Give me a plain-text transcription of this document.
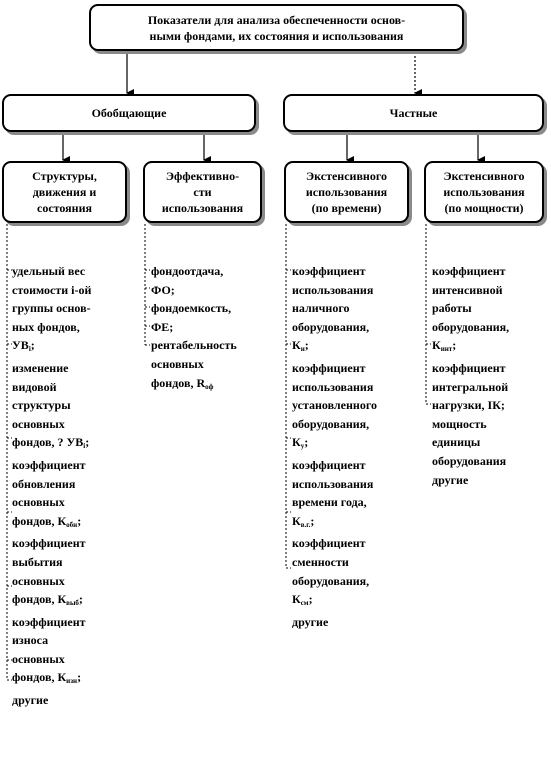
Показатели для анализа обеспеченности основ-
ными фондами, их состояния и использования
Обобщающие	Частные
Структуры,
движения и
состояния
Эффективно-
сти
использования
Экстенсивного
использования
(по времени)
Экстенсивного
использования
(по мощности)
удельный вес
стоимости i-ой
группы основ-
ных фондов,
$УВ_i$;
изменение
видовой
структуры
основных
фондов, ? $УВ_i$;
коэффициент
обновления
основных
фондов, $К_{обн}$;
коэффициент
выбытия
основных
фондов, $К_{выб}$;
коэффициент
износа
основных
фондов, $К_{изн}$;
другие
фондоотдача,
ФО;
фондоемкость,
ФЕ;
рентабельность
основных
фондов, $R_{оф}$
коэффициент
использования
наличного
оборудования,
$К_н$;
коэффициент
использования
установленного
оборудования,
$К_у$;
коэффициент
использования
времени года,
$К_{в.г.}$;
коэффициент
сменности
оборудования,
$К_{см}$;
другие
коэффициент
интенсивной
работы
оборудования,
$К_{инт}$;
коэффициент
интегральной
нагрузки, IК;
мощность
единицы
оборудования
другие
